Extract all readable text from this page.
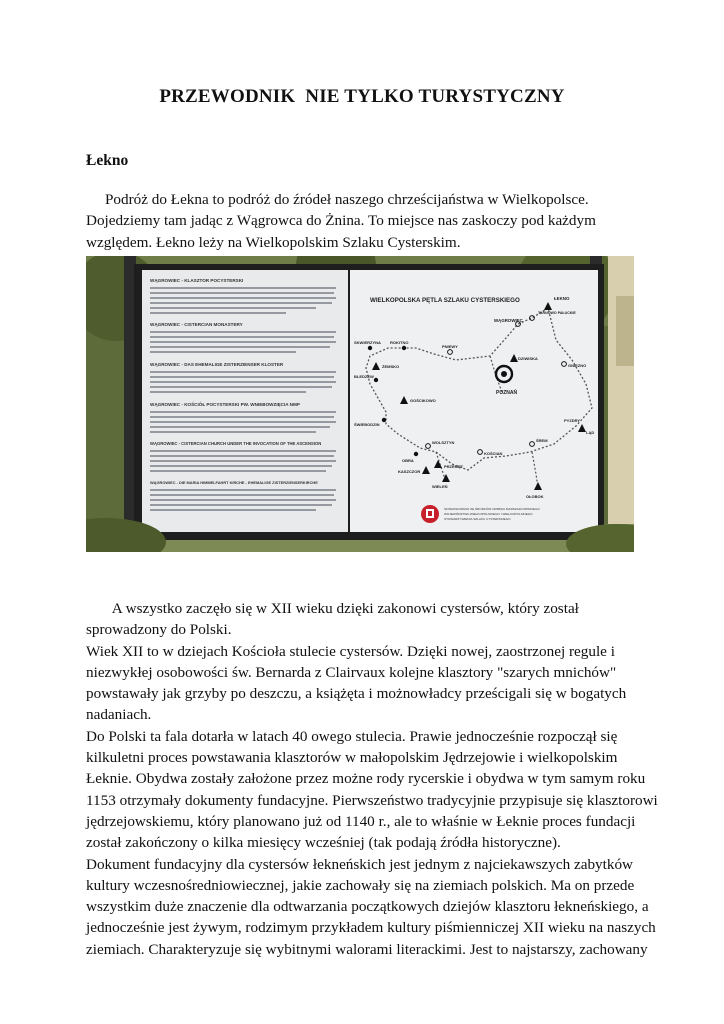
PRZEWODNIK  NIE TYLKO TURYSTYCZNY
Łekno

Podróż do Łekna to podróż do źródeł naszego chrześcijaństwa w Wielkopolsce.
Dojedziemy tam jadąc z Wągrowca do Żnina. To miejsce nas zaskoczy pod każdym
względem. Łekno leży na Wielkopolskim Szlaku Cysterskim.

WĄGROWIEC - KLASZTOR POCYSTERSKI
WĄGROWIEC - CISTERCIAN MONASTERY
WĄGROWIEC - DAS EHEMALIGE ZISTERZIENSER KLOSTER
WĄGROWIEC - KOŚCIÓŁ POCYSTERSKI PW. WNIEBOWZIĘCIA NMP
WĄGROWIEC - CISTERCIAN CHURCH UNDER THE INVOCATION OF THE ASCENSION
WĄGROWIEC - DIE MARIA HIMMELFAHRT KIRCHE - EHEMALIGE ZISTERZIENSERKIRCHE
WIELKOPOLSKA PĘTLA SZLAKU CYSTERSKIEGO
POZNAŃ
ŁEKNO
TARNOWO PAŁUCKIE
WĄGROWIEC
SKWIERZYNA ROKITNO
PNIEWY
DZIWISKA
GNIEZNO
ŻEMSKO
BLEDZEW
GOŚCIKOWO
ŚWIEBODZIN
PYZDRY
LĄD
WOLSZTYN
KOŚCIAN
ŚREM
OBRA
PRZEMĘT
KASZCZOR
WIELEŃ
OŁOBOK
SFINANSOWANO ZE ŚRODKÓW URZĘDU MARSZAŁKOWSKIEGO
WOJEWÓDZTWA WIELKOPOLSKIEGO I WIELKOPOLSKIEGO
STOWARZYSZENIA SZLAKU CYSTERSKIEGO

A wszystko zaczęło się w XII wieku dzięki zakonowi cystersów, który został
sprowadzony do Polski.
Wiek XII to w dziejach Kościoła stulecie cystersów. Dzięki nowej, zaostrzonej regule i
niezwykłej osobowości św. Bernarda z Clairvaux kolejne klasztory "szarych mnichów"
powstawały jak grzyby po deszczu, a książęta i możnowładcy prześcigali się w bogatych
nadaniach.
Do Polski ta fala dotarła w latach 40 owego stulecia. Prawie jednocześnie rozpoczął się
kilkuletni proces powstawania klasztorów w małopolskim Jędrzejowie i wielkopolskim
Łeknie. Obydwa zostały założone przez możne rody rycerskie i obydwa w tym samym roku
1153 otrzymały dokumenty fundacyjne. Pierwszeństwo tradycyjnie przypisuje się klasztorowi
jędrzejowskiemu, który planowano już od 1140 r., ale to właśnie w Łeknie proces fundacji
został zakończony o kilka miesięcy wcześniej (tak podają źródła historyczne).
Dokument fundacyjny dla cystersów łekneńskich jest jednym z najciekawszych zabytków
kultury wczesnośredniowiecznej, jakie zachowały się na ziemiach polskich. Ma on przede
wszystkim duże znaczenie dla odtwarzania początkowych dziejów klasztoru łekneńskiego, a
jednocześnie jest żywym, rodzimym przykładem kultury piśmienniczej XII wieku na naszych
ziemiach. Charakteryzuje się wybitnymi walorami literackimi. Jest to najstarszy, zachowany
